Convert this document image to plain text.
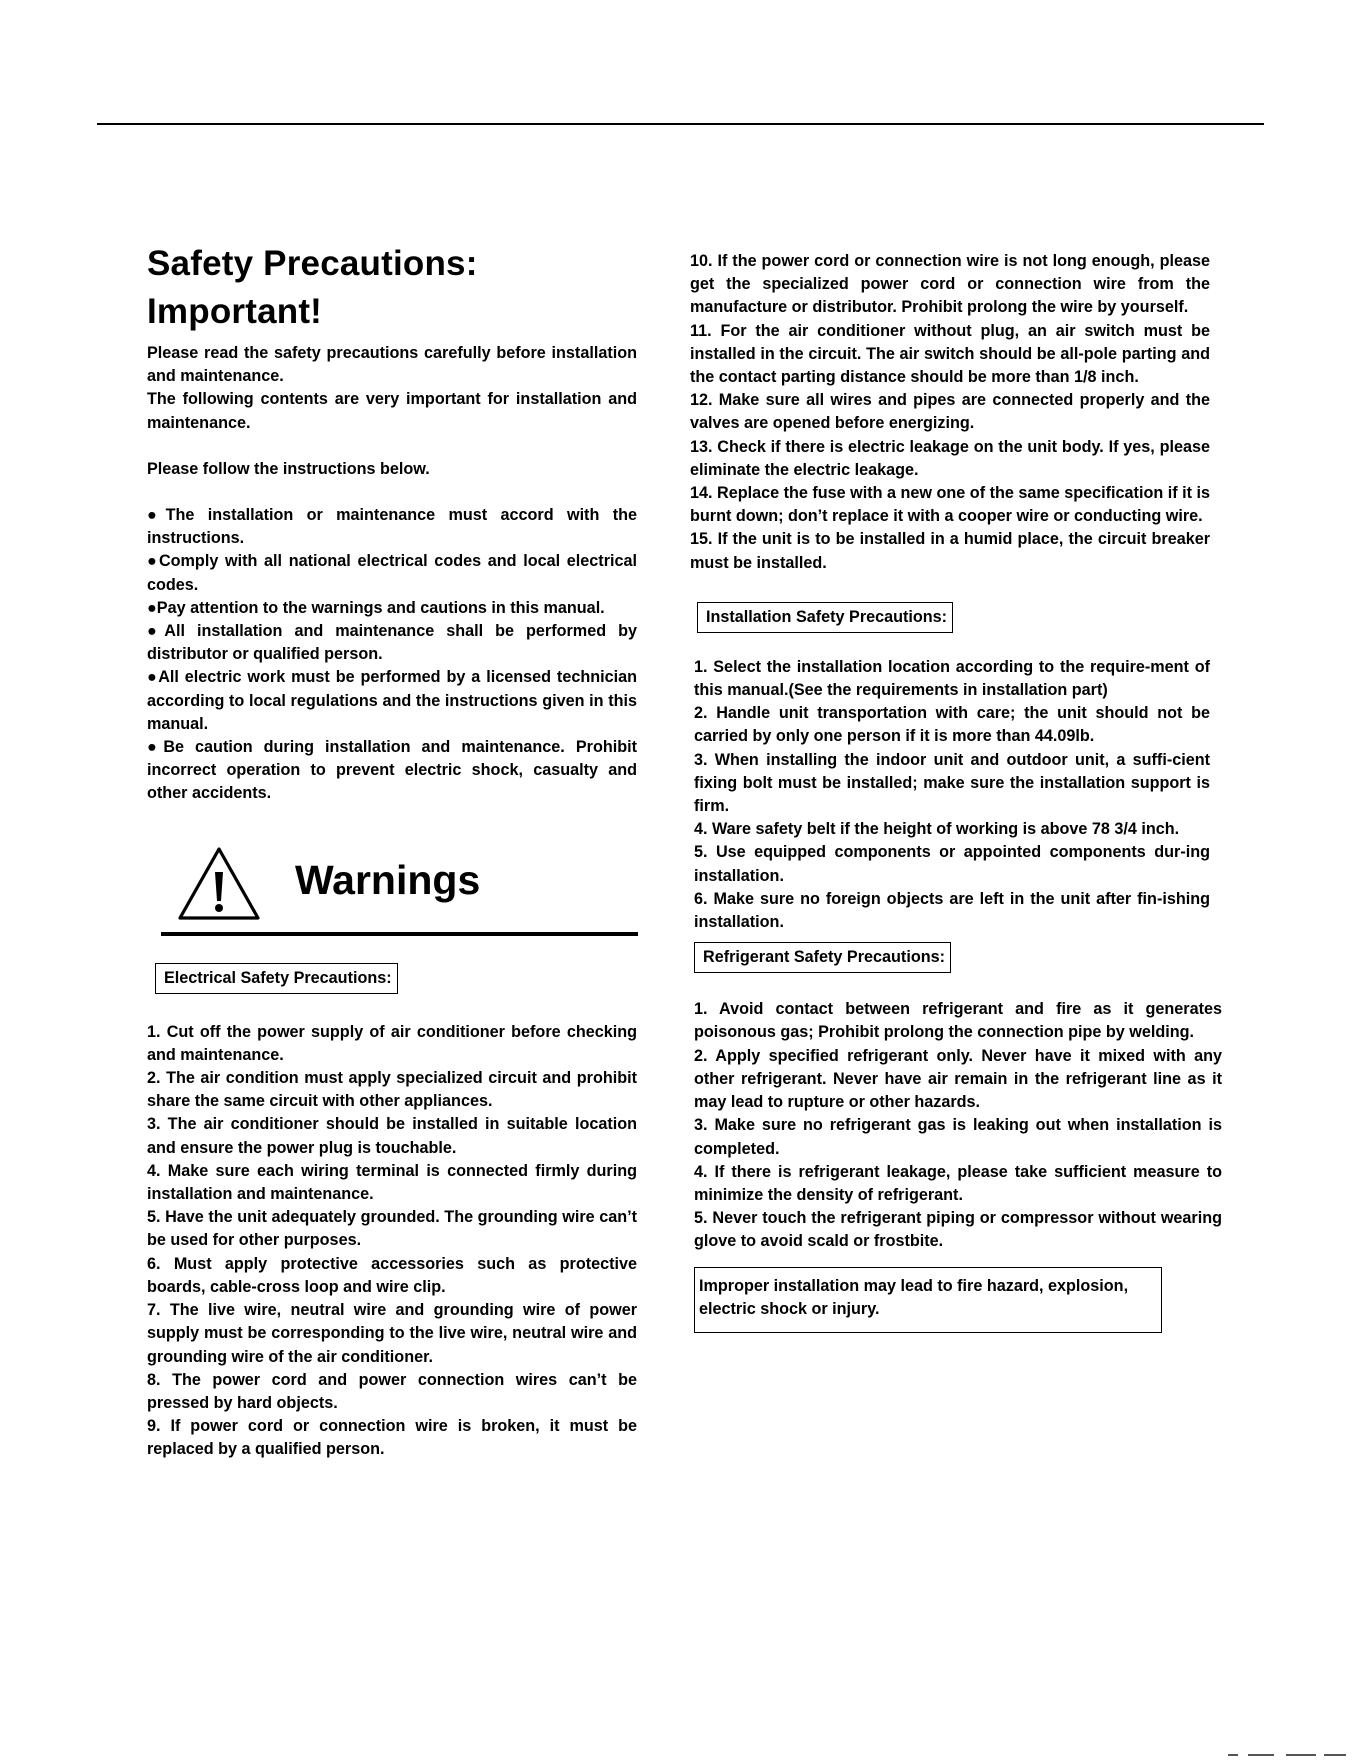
Safety Precautions:
Important!

Please read the safety precautions carefully before installation and maintenance.

The following contents are very important for installation and maintenance.

Please follow the instructions below.

●The installation or maintenance must accord with the instructions.

●Comply with all national electrical codes and local electrical codes.

●Pay attention to the warnings and cautions in this manual.

●All installation and maintenance shall be performed by distributor or qualified person.

●All electric work must be performed by a licensed technician according to local regulations and the instructions given in this manual.

●Be caution during installation and maintenance. Prohibit incorrect operation to prevent electric shock, casualty and other accidents.

Warnings
Electrical Safety Precautions:

1. Cut off the power supply of air conditioner before checking and maintenance.

2. The air condition must apply specialized circuit and prohibit share the same circuit with other appliances.

3. The air conditioner should be installed in suitable location and ensure the power plug is touchable.

4. Make sure each wiring terminal is connected firmly during installation and maintenance.

5. Have the unit adequately grounded. The grounding wire can’t be used for other purposes.

6. Must apply protective accessories such as protective boards, cable-cross loop and wire clip.

7. The live wire, neutral wire and grounding wire of power supply must be corresponding to the live wire, neutral wire and grounding wire of the air conditioner.

8. The power cord and power connection wires can’t be pressed by hard objects.

9. If power cord or connection wire is broken, it must be replaced by a qualified person.

10. If the power cord or connection wire is not long enough, please get the specialized power cord or connection wire from the manufacture or distributor. Prohibit prolong the wire by yourself.

11. For the air conditioner without plug, an air switch must be installed in the circuit. The air switch should be all-pole parting and the contact parting distance should be more than 1/8 inch.

12. Make sure all wires and pipes are connected properly and the valves are opened before energizing.

13. Check if there is electric leakage on the unit body. If yes, please eliminate the electric leakage.

14. Replace the fuse with a new one of the same specification if it is burnt down; don’t replace it with a cooper wire or conducting wire.

15. If the unit is to be installed in a humid place, the circuit breaker must be installed.

Installation Safety Precautions:

1. Select the installation location according to the require-ment of this manual.(See the requirements in installation part)

2. Handle unit transportation with care; the unit should not be carried by only one person if it is more than 44.09lb.

3. When installing the indoor unit and outdoor unit, a suffi-cient fixing bolt must be installed; make sure the installation support is firm.

4. Ware safety belt if the height of working is above 78 3/4 inch.

5. Use equipped components or appointed components dur-ing installation.

6. Make sure no foreign objects are left in the unit after fin-ishing installation.

Refrigerant Safety Precautions:

1. Avoid contact between refrigerant and fire as it generates poisonous gas; Prohibit prolong the connection pipe by welding.

2. Apply specified refrigerant only. Never have it mixed with any other refrigerant. Never have air remain in the refrigerant line as it may lead to rupture or other hazards.

3. Make sure no refrigerant gas is leaking out when installation is completed.

4. If there is refrigerant leakage, please take sufficient measure to minimize the density of refrigerant.

5. Never touch the refrigerant piping or compressor without wearing glove to avoid scald or frostbite.

Improper installation may lead to fire hazard, explosion, electric shock or injury.
